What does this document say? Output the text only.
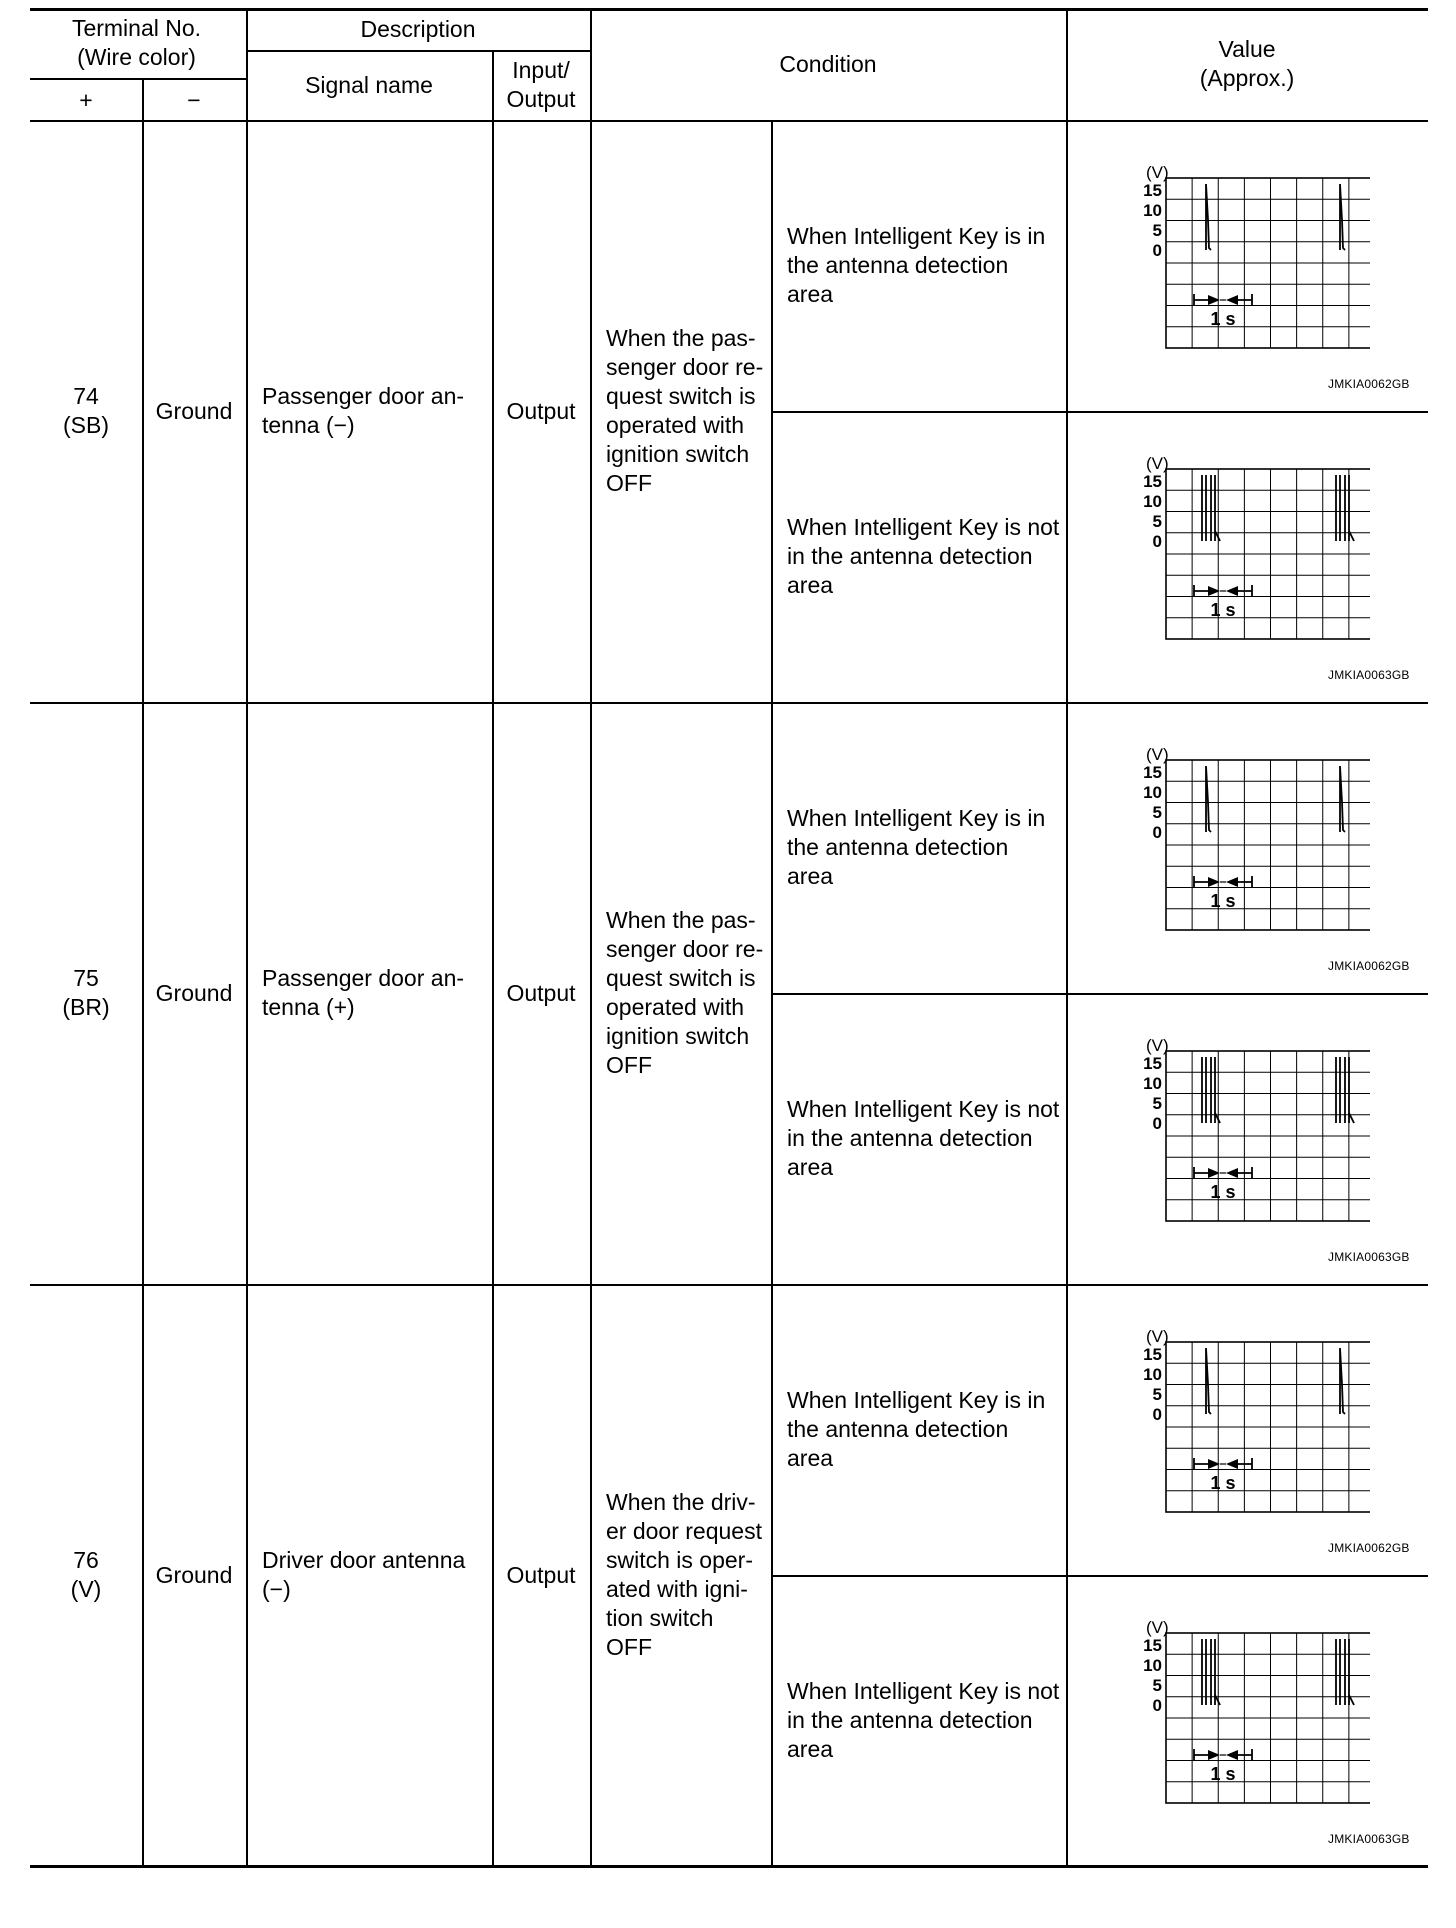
Terminal No.
(Wire color)
+	−
Description
Signal name
Input/
Output
Condition
Value
(Approx.)
74
(SB)
Ground
Passenger door an-
tenna (−)
Output
When the pas-
senger door re-
quest switch is
operated with
ignition switch
OFF
When Intelligent Key is in
the antenna detection
area
(V)
15
10
5
0
1 s
JMKIA0062GB
When Intelligent Key is not
in the antenna detection
area
(V)
15
10
5
0
1 s
JMKIA0063GB
75
(BR)
Ground
Passenger door an-
tenna (+)
Output
When the pas-
senger door re-
quest switch is
operated with
ignition switch
OFF
When Intelligent Key is in
the antenna detection
area
(V)
15
10
5
0
1 s
JMKIA0062GB
When Intelligent Key is not
in the antenna detection
area
(V)
15
10
5
0
1 s
JMKIA0063GB
76
(V)
Ground
Driver door antenna
(−)
Output
When the driv-
er door request
switch is oper-
ated with igni-
tion switch
OFF
When Intelligent Key is in
the antenna detection
area
(V)
15
10
5
0
1 s
JMKIA0062GB
When Intelligent Key is not
in the antenna detection
area
(V)
15
10
5
0
1 s
JMKIA0063GB
